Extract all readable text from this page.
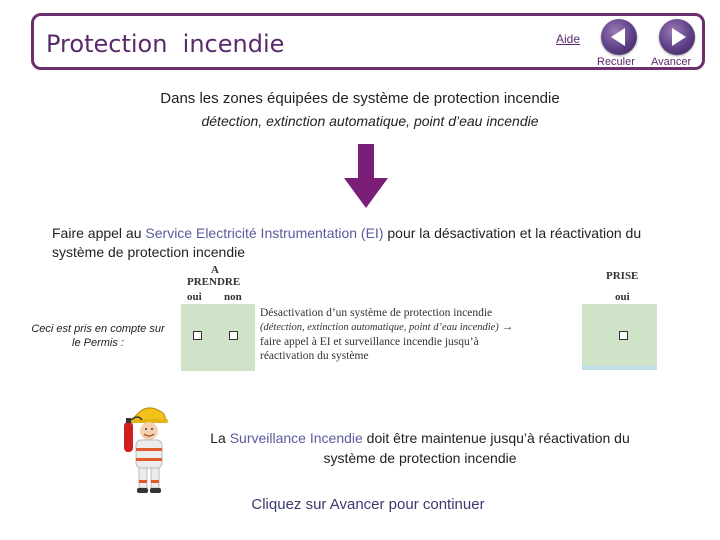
Protection  incendie	Aide
Reculer Avancer
Dans les zones équipées de système de protection incendie
détection, extinction automatique, point d’eau incendie
Faire appel au Service Electricité Instrumentation (EI) pour la désactivation et la réactivation du système de protection incendie
A
PRENDRE
oui non
PRISE
oui
Désactivation d’un système de protection incendie
(détection, extinction automatique, point d’eau incendie) →
faire appel à EI et surveillance incendie jusqu’à
réactivation du système
Ceci est pris en compte sur le Permis :
La Surveillance Incendie doit être maintenue jusqu’à réactivation du système de protection incendie
Cliquez sur Avancer pour continuer
